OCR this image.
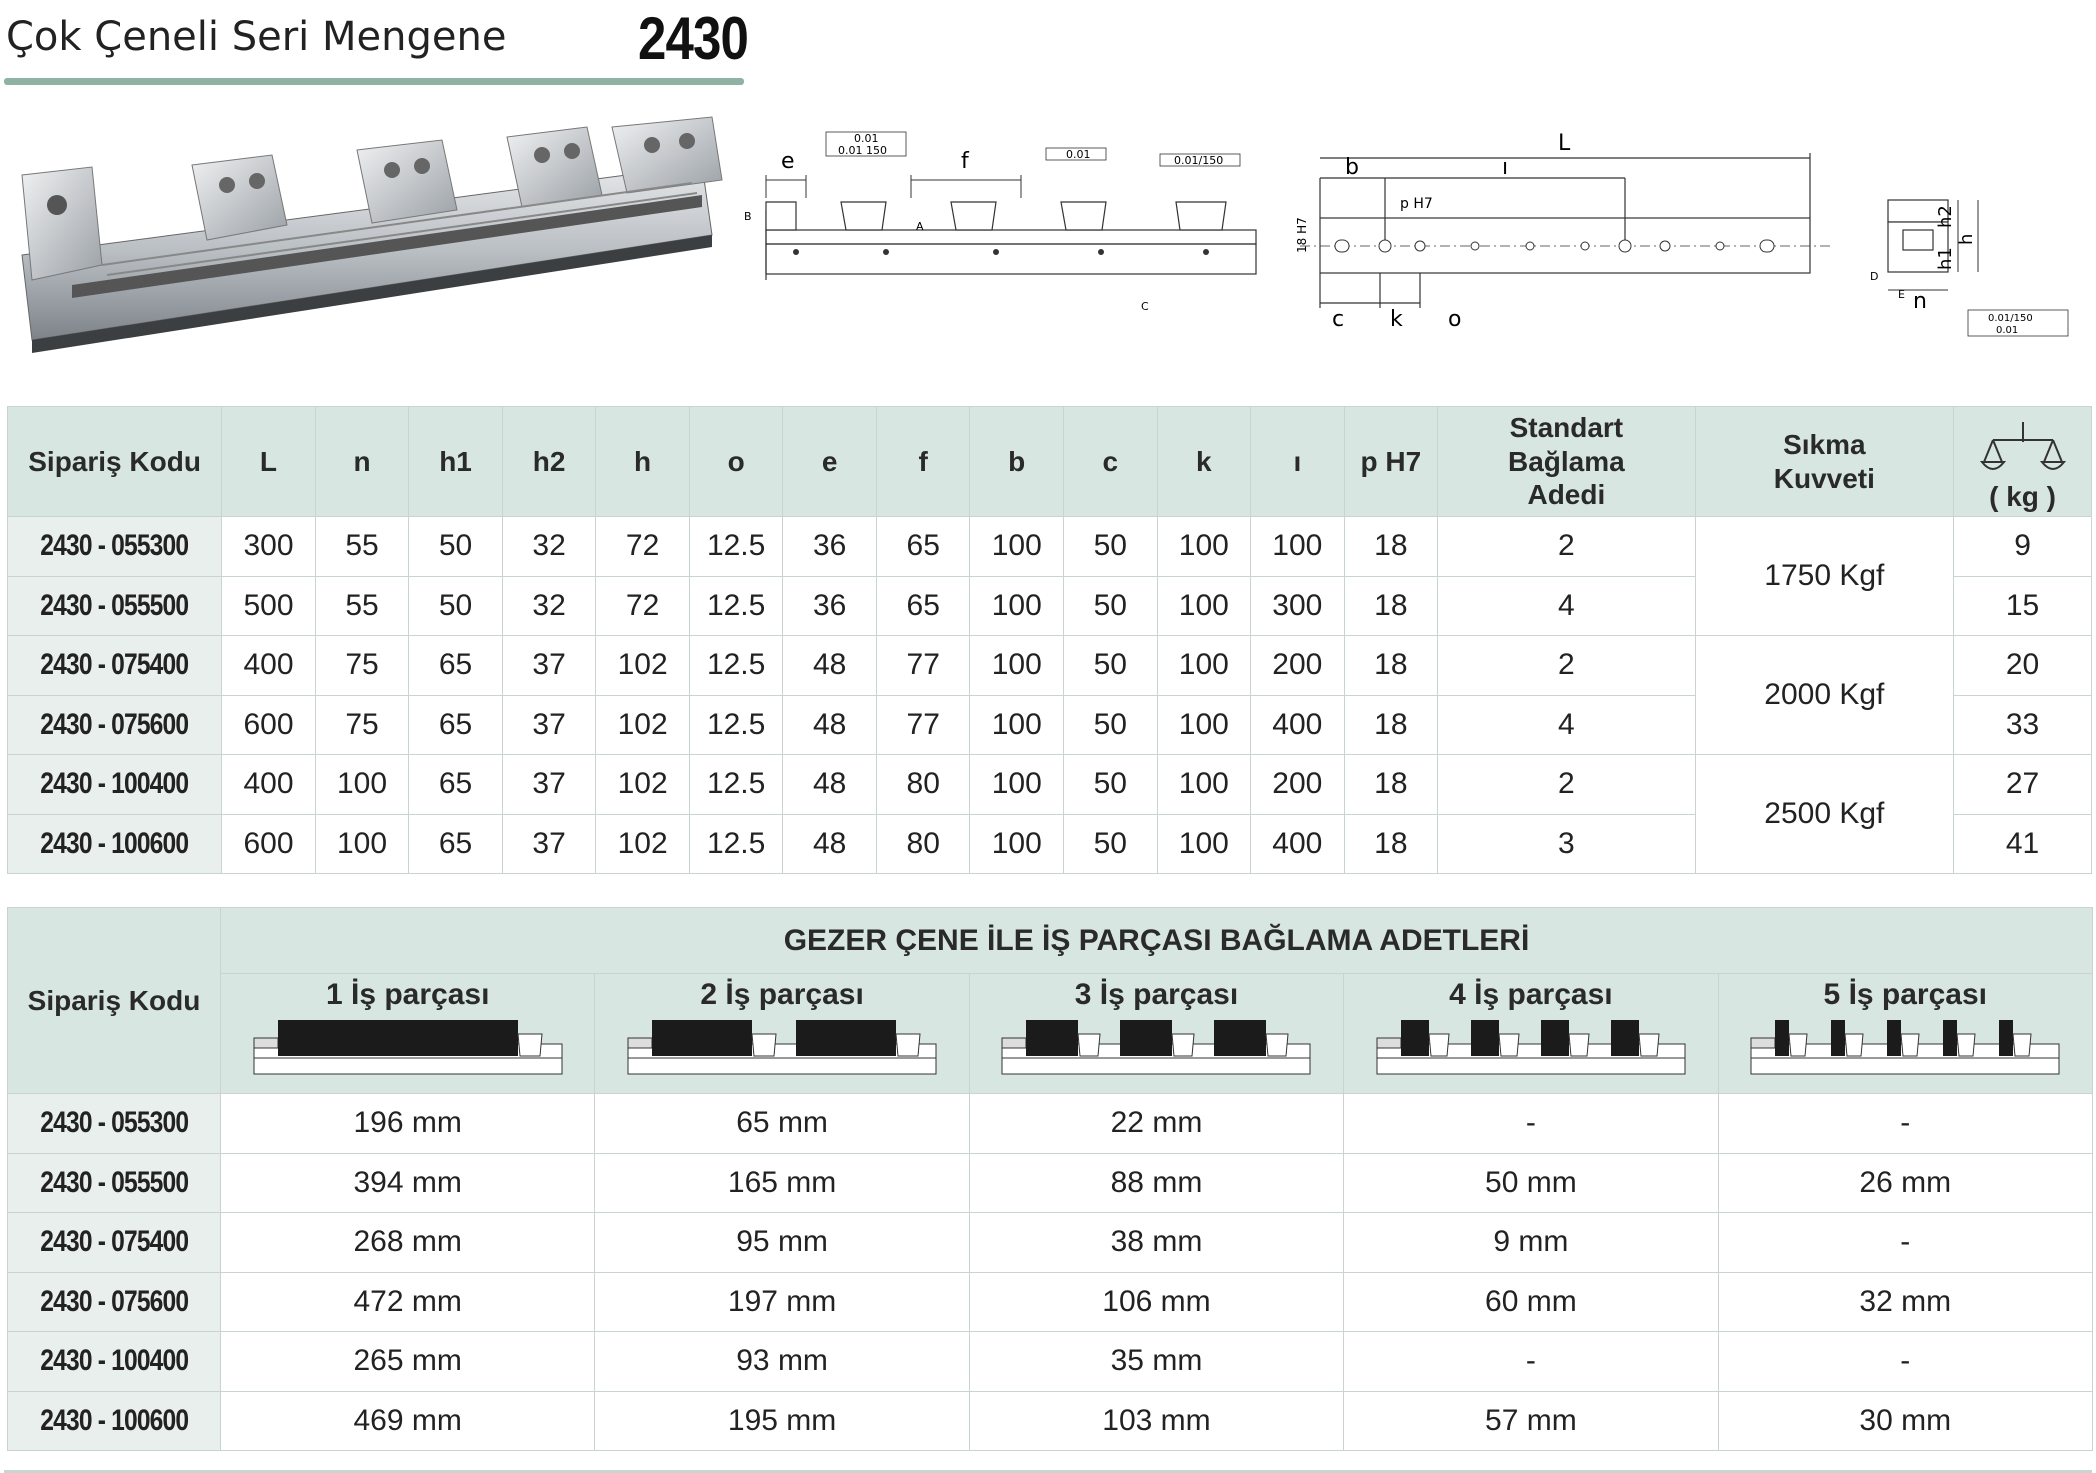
Çok Çeneli Seri Mengene 2430
e	f
0.01
0.01 150	0.01	0.01/150
B
A
C
L
b	ı
p H7
c k o
18 H7
h2
h
h1
n
D
E
0.01/150
0.01
Sipariş Kodu	L	n	h1	h2	h	o	e	f	b	c	k	ı	p H7	Standart Bağlama Adedi	Sıkma Kuvveti	( kg )
2430 - 055300	300	55	50	32	72	12.5	36	65	100	50	100	100	18	2	1750 Kgf	9
2430 - 055500	500	55	50	32	72	12.5	36	65	100	50	100	300	18	4		15
2430 - 075400	400	75	65	37	102	12.5	48	77	100	50	100	200	18	2	2000 Kgf	20
2430 - 075600	600	75	65	37	102	12.5	48	77	100	50	100	400	18	4		33
2430 - 100400	400	100	65	37	102	12.5	48	80	100	50	100	200	18	2	2500 Kgf	27
2430 - 100600	600	100	65	37	102	12.5	48	80	100	50	100	400	18	3		41
Sipariş Kodu	GEZER ÇENE İLE İŞ PARÇASI BAĞLAMA ADETLERİ				

	1 İş parçası	2 İş parçası	3 İş parçası	4 İş parçası	5 İş parçası

2430 - 055300	196 mm	65 mm	22 mm	-	-
2430 - 055500	394 mm	165 mm	88 mm	50 mm	26 mm
2430 - 075400	268 mm	95 mm	38 mm	9 mm	-
2430 - 075600	472 mm	197 mm	106 mm	60 mm	32 mm
2430 - 100400	265 mm	93 mm	35 mm	-	-
2430 - 100600	469 mm	195 mm	103 mm	57 mm	30 mm
